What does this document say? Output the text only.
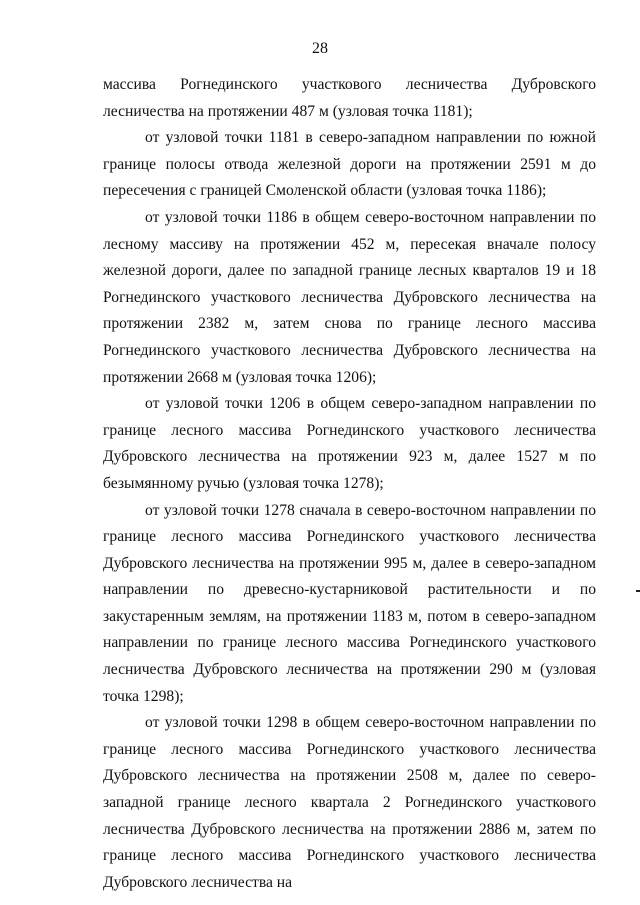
28

массива Рогнединского участкового лесничества Дубровского лесничества на протяжении 487 м (узловая точка 1181);

от узловой точки 1181 в северо-западном направлении по южной границе полосы отвода железной дороги на протяжении 2591 м до пересечения с границей Смоленской области (узловая точка 1186);

от узловой точки 1186 в общем северо-восточном направлении по лесному массиву на протяжении 452 м, пересекая вначале полосу железной дороги, далее по западной границе лесных кварталов 19 и 18 Рогнединского участкового лесничества Дубровского лесничества на протяжении 2382 м, затем снова по границе лесного массива Рогнединского участкового лесничества Дубровского лесничества на протяжении 2668 м (узловая точка 1206);

от узловой точки 1206 в общем северо-западном направлении по границе лесного массива Рогнединского участкового лесничества Дубровского лесничества на протяжении 923 м, далее 1527 м по безымянному ручью (узловая точка 1278);

от узловой точки 1278 сначала в северо-восточном направлении по границе лесного массива Рогнединского участкового лесничества Дубровского лесничества на протяжении 995 м, далее в северо-западном направлении по древесно-кустарниковой растительности и по закустаренным землям, на протяжении 1183 м, потом в северо-западном направлении по границе лесного массива Рогнединского участкового лесничества Дубровского лесничества на протяжении 290 м (узловая точка 1298);

от узловой точки 1298 в общем северо-восточном направлении по границе лесного массива Рогнединского участкового лесничества Дубровского лесничества на протяжении 2508 м, далее по северо-западной границе лесного квартала 2 Рогнединского участкового лесничества Дубровского лесничества на протяжении 2886 м, затем по границе лесного массива Рогнединского участкового лесничества Дубровского лесничества на
